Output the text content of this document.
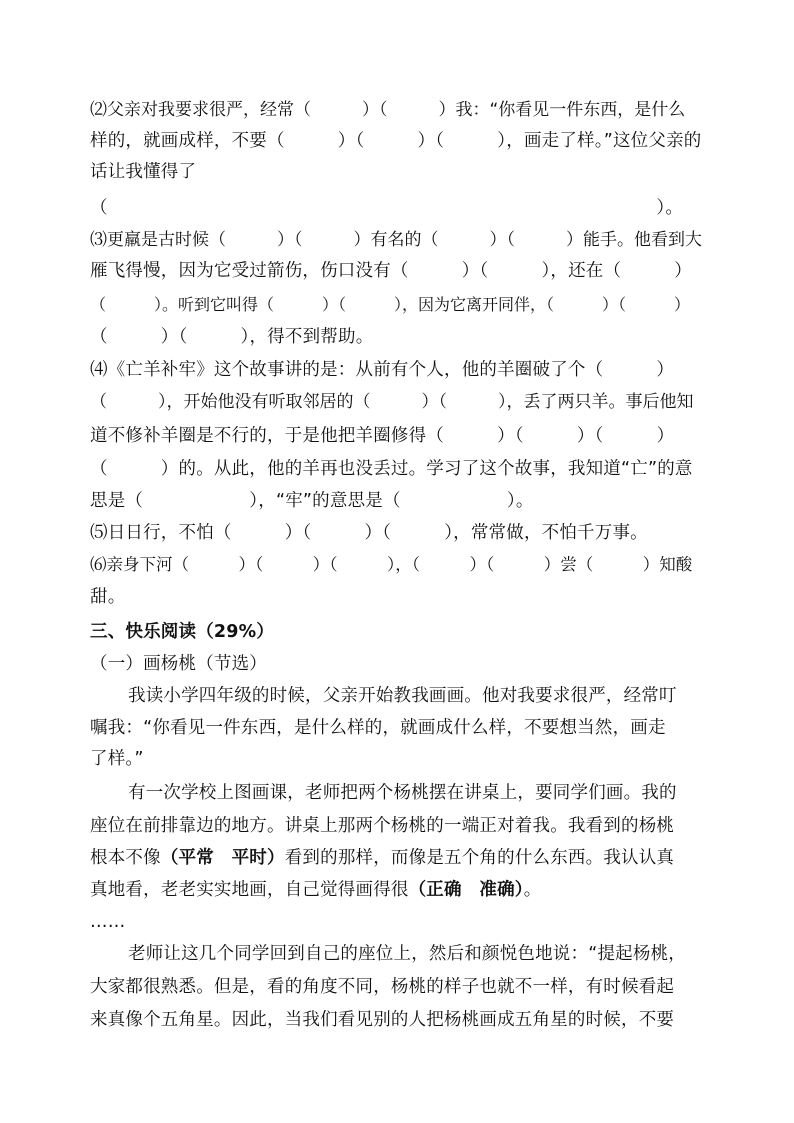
⑵父亲对我要求很严，经常（　　　）（　　　）我：“你看见一件东西，是什么
样的，就画成样，不要（　　　）（　　　）（　　　），画走了样。”这位父亲的
话让我懂得了
（　　　　　　　　　　　　　　　　　　　　　　　　　　　　　　　）。
⑶更羸是古时候（　　　）（　　　）有名的（　　　）（　　　）能手。他看到大
雁飞得慢，因为它受过箭伤，伤口没有（　　　）（　　　），还在（　　　）
（　　　）。听到它叫得（　　　）（　　　），因为它离开同伴，（　　　）（　　　）
（　　　）（　　　），得不到帮助。
⑷《亡羊补牢》这个故事讲的是：从前有个人，他的羊圈破了个（　　　）
（　　　），开始他没有听取邻居的（　　　）（　　　），丢了两只羊。事后他知
道不修补羊圈是不行的，于是他把羊圈修得（　　　）（　　　）（　　　）
（　　　）的。从此，他的羊再也没丢过。学习了这个故事，我知道“亡”的意
思是（　　　　　　），“牢”的意思是（　　　　　　）。
⑸日日行，不怕（　　　）（　　　）（　　　），常常做，不怕千万事。
⑹亲身下河（　　　）（　　　）（　　　），（　　　）（　　　）尝（　　　）知酸
甜。
三、快乐阅读（29%）
（一）画杨桃（节选）
我读小学四年级的时候，父亲开始教我画画。他对我要求很严，经常叮
嘱我：“你看见一件东西，是什么样的，就画成什么样，不要想当然，画走
了样。”
有一次学校上图画课，老师把两个杨桃摆在讲桌上，要同学们画。我的
座位在前排靠边的地方。讲桌上那两个杨桃的一端正对着我。我看到的杨桃
根本不像（平常　平时）看到的那样，而像是五个角的什么东西。我认认真
真地看，老老实实地画，自己觉得画得很（正确　准确）。
……
老师让这几个同学回到自己的座位上，然后和颜悦色地说：“提起杨桃，
大家都很熟悉。但是，看的角度不同，杨桃的样子也就不一样，有时候看起
来真像个五角星。因此，当我们看见别的人把杨桃画成五角星的时候，不要
